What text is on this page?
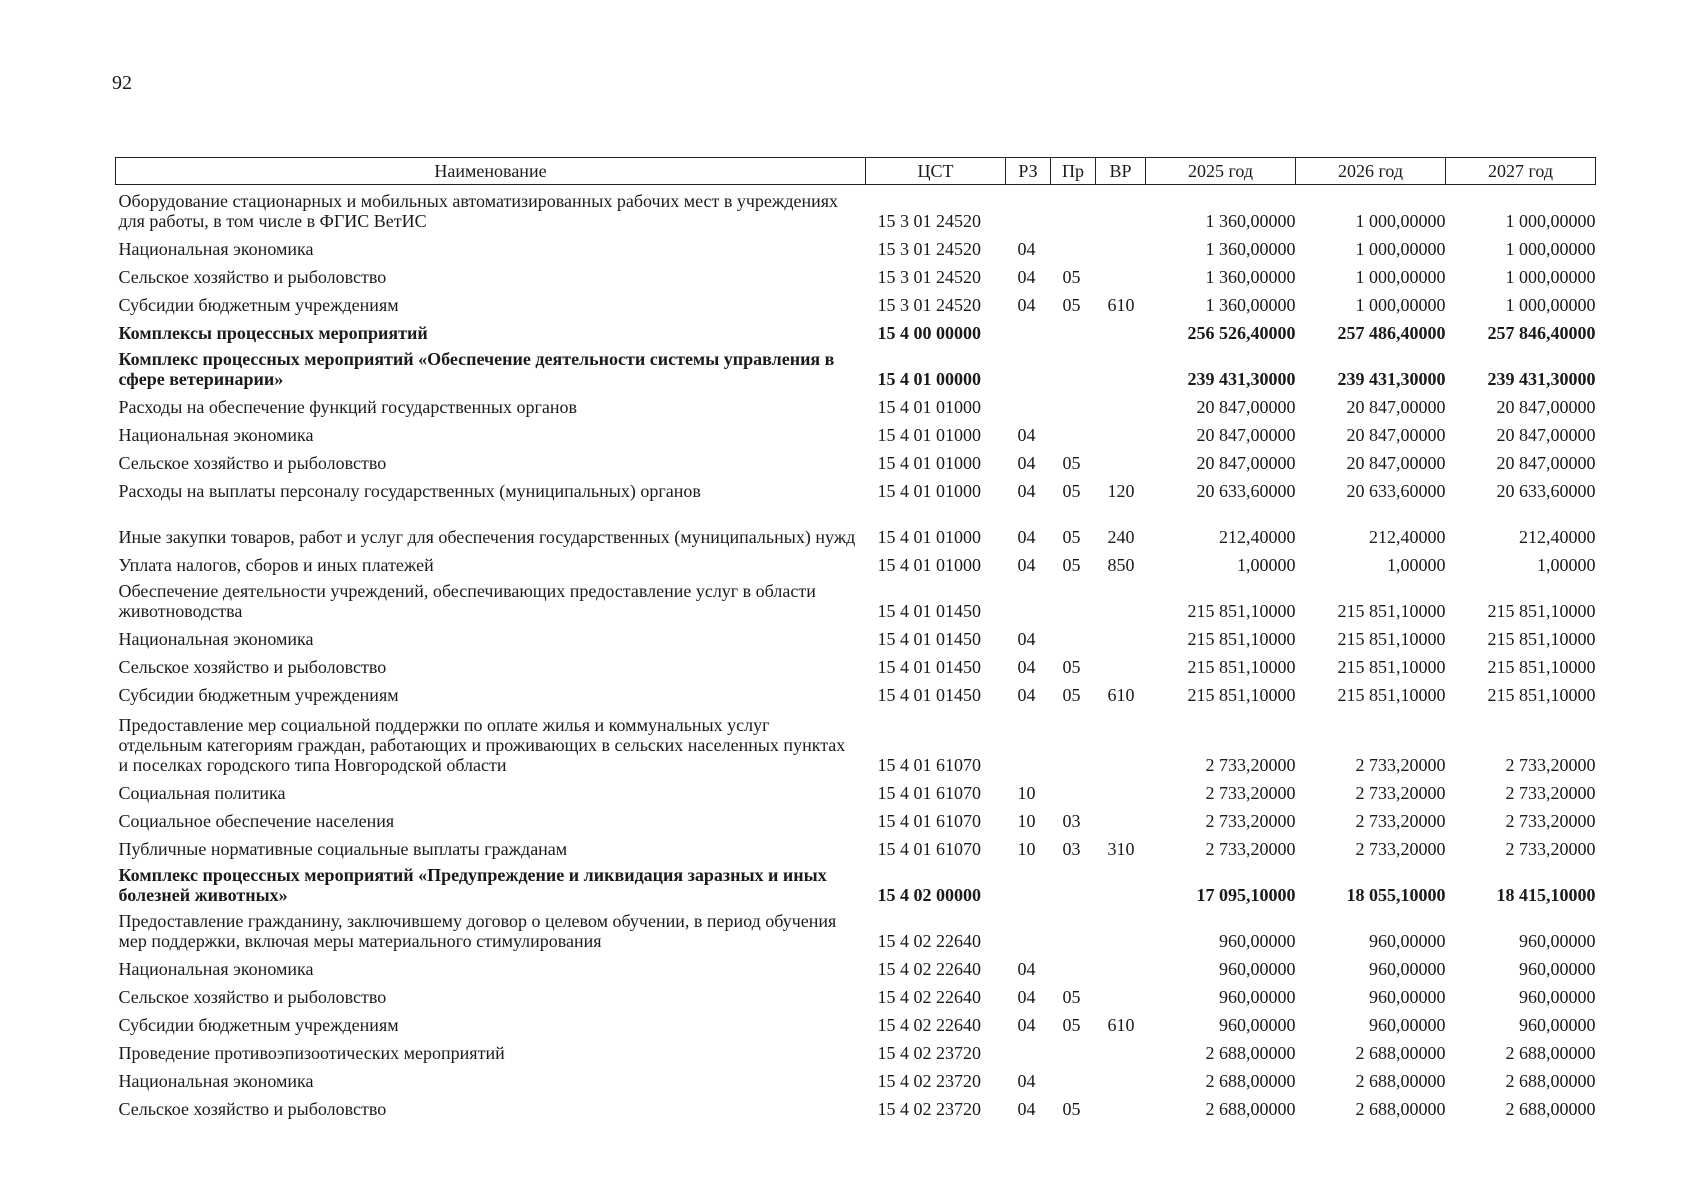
92
Наименование	ЦСТ	РЗ	Пр	ВР	2025 год	2026 год	2027 год
Оборудование стационарных и мобильных автоматизированных рабочих мест в учреждениях для работы, в том числе в ФГИС ВетИС	15 3 01 24520				1 360,00000	1 000,00000	1 000,00000
Национальная экономика	15 3 01 24520	04			1 360,00000	1 000,00000	1 000,00000
Сельское хозяйство и рыболовство	15 3 01 24520	04	05		1 360,00000	1 000,00000	1 000,00000
Субсидии бюджетным учреждениям	15 3 01 24520	04	05	610	1 360,00000	1 000,00000	1 000,00000
Комплексы процессных мероприятий	15 4 00 00000				256 526,40000	257 486,40000	257 846,40000
Комплекс процессных мероприятий «Обеспечение деятельности системы управления в сфере ветеринарии»	15 4 01 00000				239 431,30000	239 431,30000	239 431,30000
Расходы на обеспечение функций государственных органов	15 4 01 01000				20 847,00000	20 847,00000	20 847,00000
Национальная экономика	15 4 01 01000	04			20 847,00000	20 847,00000	20 847,00000
Сельское хозяйство и рыболовство	15 4 01 01000	04	05		20 847,00000	20 847,00000	20 847,00000
Расходы на выплаты персоналу государственных (муниципальных) органов	15 4 01 01000	04	05	120	20 633,60000	20 633,60000	20 633,60000
Иные закупки товаров, работ и услуг для обеспечения государственных (муниципальных) нужд	15 4 01 01000	04	05	240	212,40000	212,40000	212,40000
Уплата налогов, сборов и иных платежей	15 4 01 01000	04	05	850	1,00000	1,00000	1,00000
Обеспечение деятельности учреждений, обеспечивающих предоставление услуг в области животноводства	15 4 01 01450				215 851,10000	215 851,10000	215 851,10000
Национальная экономика	15 4 01 01450	04			215 851,10000	215 851,10000	215 851,10000
Сельское хозяйство и рыболовство	15 4 01 01450	04	05		215 851,10000	215 851,10000	215 851,10000
Субсидии бюджетным учреждениям	15 4 01 01450	04	05	610	215 851,10000	215 851,10000	215 851,10000
Предоставление мер социальной поддержки по оплате жилья и коммунальных услуг отдельным категориям граждан, работающих и проживающих в сельских населенных пунктах и поселках городского типа Новгородской области	15 4 01 61070				2 733,20000	2 733,20000	2 733,20000
Социальная политика	15 4 01 61070	10			2 733,20000	2 733,20000	2 733,20000
Социальное обеспечение населения	15 4 01 61070	10	03		2 733,20000	2 733,20000	2 733,20000
Публичные нормативные социальные выплаты гражданам	15 4 01 61070	10	03	310	2 733,20000	2 733,20000	2 733,20000
Комплекс процессных мероприятий «Предупреждение и ликвидация заразных и иных болезней животных»	15 4 02 00000				17 095,10000	18 055,10000	18 415,10000
Предоставление гражданину, заключившему договор о целевом обучении, в период обучения мер поддержки, включая меры материального стимулирования	15 4 02 22640				960,00000	960,00000	960,00000
Национальная экономика	15 4 02 22640	04			960,00000	960,00000	960,00000
Сельское хозяйство и рыболовство	15 4 02 22640	04	05		960,00000	960,00000	960,00000
Субсидии бюджетным учреждениям	15 4 02 22640	04	05	610	960,00000	960,00000	960,00000
Проведение противоэпизоотических мероприятий	15 4 02 23720				2 688,00000	2 688,00000	2 688,00000
Национальная экономика	15 4 02 23720	04			2 688,00000	2 688,00000	2 688,00000
Сельское хозяйство и рыболовство	15 4 02 23720	04	05		2 688,00000	2 688,00000	2 688,00000
